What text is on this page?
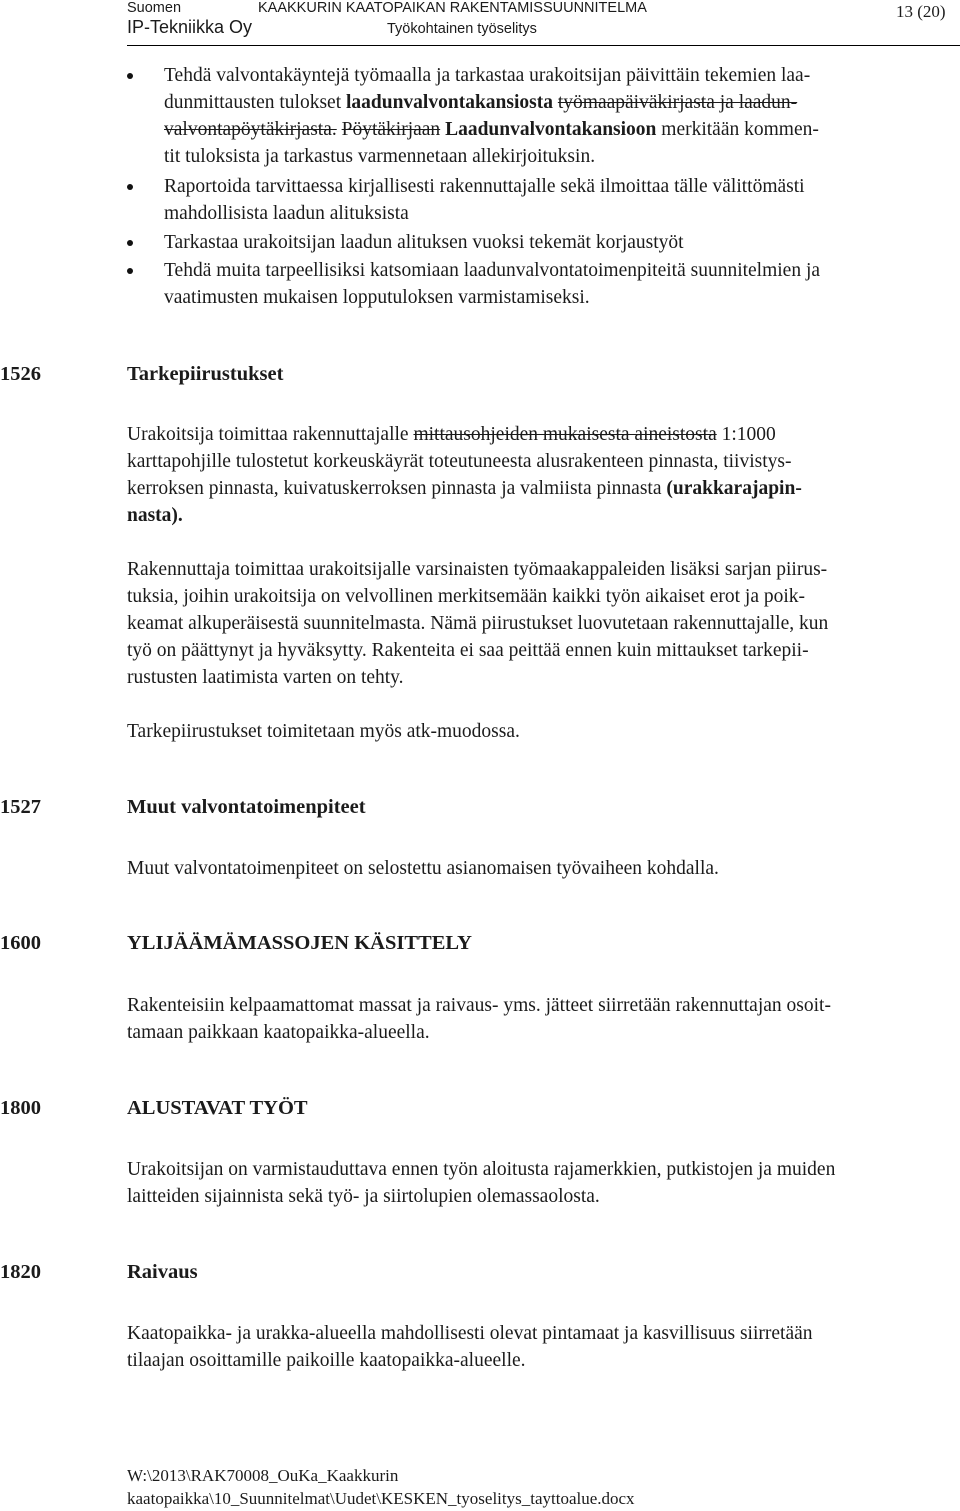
Suomen	KAAKKURIN KAATOPAIKAN RAKENTAMISSUUNNITELMA
IP-Tekniikka Oy	Työkohtainen työselitys
13 (20)
Tehdä valvontakäyntejä työmaalla ja tarkastaa urakoitsijan päivittäin tekemien laa-
dunmittausten tulokset laadunvalvontakansiosta työmaapäiväkirjasta ja laadun-
valvontapöytäkirjasta. Pöytäkirjaan Laadunvalvontakansioon merkitään kommen-
tit tuloksista ja tarkastus varmennetaan allekirjoituksin.
Raportoida tarvittaessa kirjallisesti rakennuttajalle sekä ilmoittaa tälle välittömästi
mahdollisista laadun alituksista
Tarkastaa urakoitsijan laadun alituksen vuoksi tekemät korjaustyöt
Tehdä muita tarpeellisiksi katsomiaan laadunvalvontatoimenpiteitä suunnitelmien ja
vaatimusten mukaisen lopputuloksen varmistamiseksi.
1526	Tarkepiirustukset
Urakoitsija toimittaa rakennuttajalle mittausohjeiden mukaisesta aineistosta 1:1000
karttapohjille tulostetut korkeuskäyrät toteutuneesta alusrakenteen pinnasta, tiivistys-
kerroksen pinnasta, kuivatuskerroksen pinnasta ja valmiista pinnasta (urakkarajapin-
nasta).
Rakennuttaja toimittaa urakoitsijalle varsinaisten työmaakappaleiden lisäksi sarjan piirus-
tuksia, joihin urakoitsija on velvollinen merkitsemään kaikki työn aikaiset erot ja poik-
keamat alkuperäisestä suunnitelmasta. Nämä piirustukset luovutetaan rakennuttajalle, kun
työ on päättynyt ja hyväksytty. Rakenteita ei saa peittää ennen kuin mittaukset tarkepii-
rustusten laatimista varten on tehty.
Tarkepiirustukset toimitetaan myös atk-muodossa.
1527	Muut valvontatoimenpiteet
Muut valvontatoimenpiteet on selostettu asianomaisen työvaiheen kohdalla.
1600	YLIJÄÄMÄMASSOJEN KÄSITTELY
Rakenteisiin kelpaamattomat massat ja raivaus- yms. jätteet siirretään rakennuttajan osoit-
tamaan paikkaan kaatopaikka-alueella.
1800	ALUSTAVAT TYÖT
Urakoitsijan on varmistauduttava ennen työn aloitusta rajamerkkien, putkistojen ja muiden
laitteiden sijainnista sekä työ- ja siirtolupien olemassaolosta.
1820	Raivaus
Kaatopaikka- ja urakka-alueella mahdollisesti olevat pintamaat ja kasvillisuus siirretään
tilaajan osoittamille paikoille kaatopaikka-alueelle.
W:\2013\RAK70008_OuKa_Kaakkurin
kaatopaikka\10_Suunnitelmat\Uudet\KESKEN_tyoselitys_tayttoalue.docx
